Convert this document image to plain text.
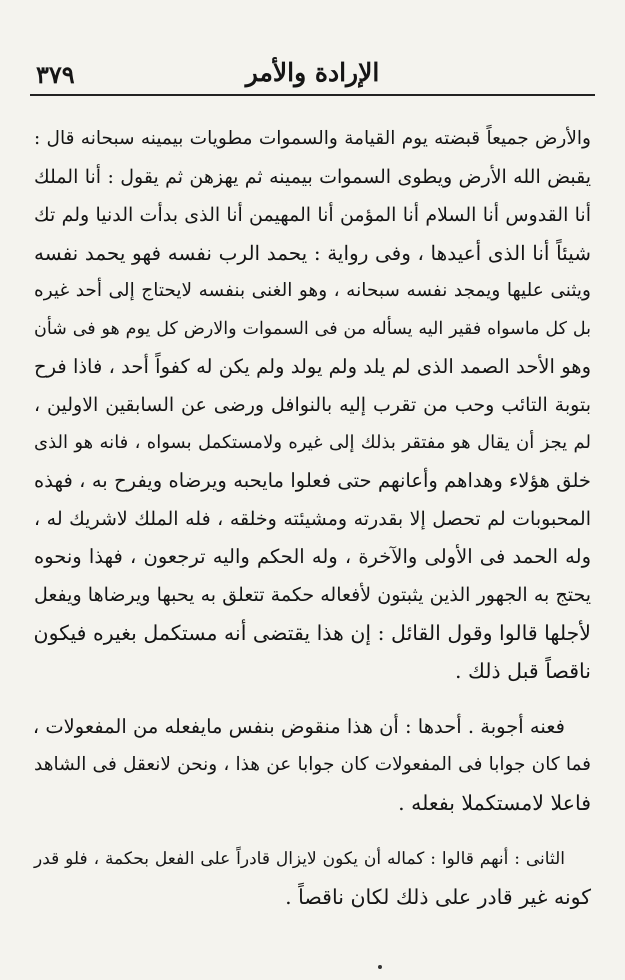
الإرادة والأمر
٣٧٩
والأرض جميعاً قبضته يوم القيامة والسموات مطويات بيمينه سبحانه قال :
يقبض الله الأرض ويطوى السموات بيمينه ثم يهزهن ثم يقول : أنا الملك
أنا القدوس أنا السلام أنا المؤمن أنا المهيمن أنا الذى بدأت الدنيا ولم تك
شيئاً أنا الذى أعيدها ، وفى رواية : يحمد الرب نفسه فهو يحمد نفسه
ويثنى عليها ويمجد نفسه سبحانه ، وهو الغنى بنفسه لايحتاج إلى أحد غيره
بل كل ماسواه فقير اليه يسأله من فى السموات والارض كل يوم هو فى شأن
وهو الأحد الصمد الذى لم يلد ولم يولد ولم يكن له كفواً أحد ، فاذا فرح
بتوبة التائب وحب من تقرب إليه بالنوافل ورضى عن السابقين الاولين ،
لم يجز أن يقال هو مفتقر بذلك إلى غيره ولامستكمل بسواه ، فانه هو الذى
خلق هؤلاء وهداهم وأعانهم حتى فعلوا مايحبه ويرضاه ويفرح به ، فهذه
المحبوبات لم تحصل إلا بقدرته ومشيئته وخلقه ، فله الملك لاشريك له ،
وله الحمد فى الأولى والآخرة ، وله الحكم واليه ترجعون ، فهذا ونحوه
يحتج به الجهور الذين يثبتون لأفعاله حكمة تتعلق به يحبها ويرضاها ويفعل
لأجلها قالوا وقول القائل : إن هذا يقتضى أنه مستكمل بغيره فيكون
ناقصاً قبل ذلك .
فعنه أجوبة . أحدها : أن هذا منقوض بنفس مايفعله من المفعولات ،
فما كان جوابا فى المفعولات كان جوابا عن هذا ، ونحن لانعقل فى الشاهد
فاعلا لامستكملا بفعله .
الثانى : أنهم قالوا : كماله أن يكون لايزال قادراً على الفعل بحكمة ، فلو قدر
كونه غير قادر على ذلك لكان ناقصاً .
